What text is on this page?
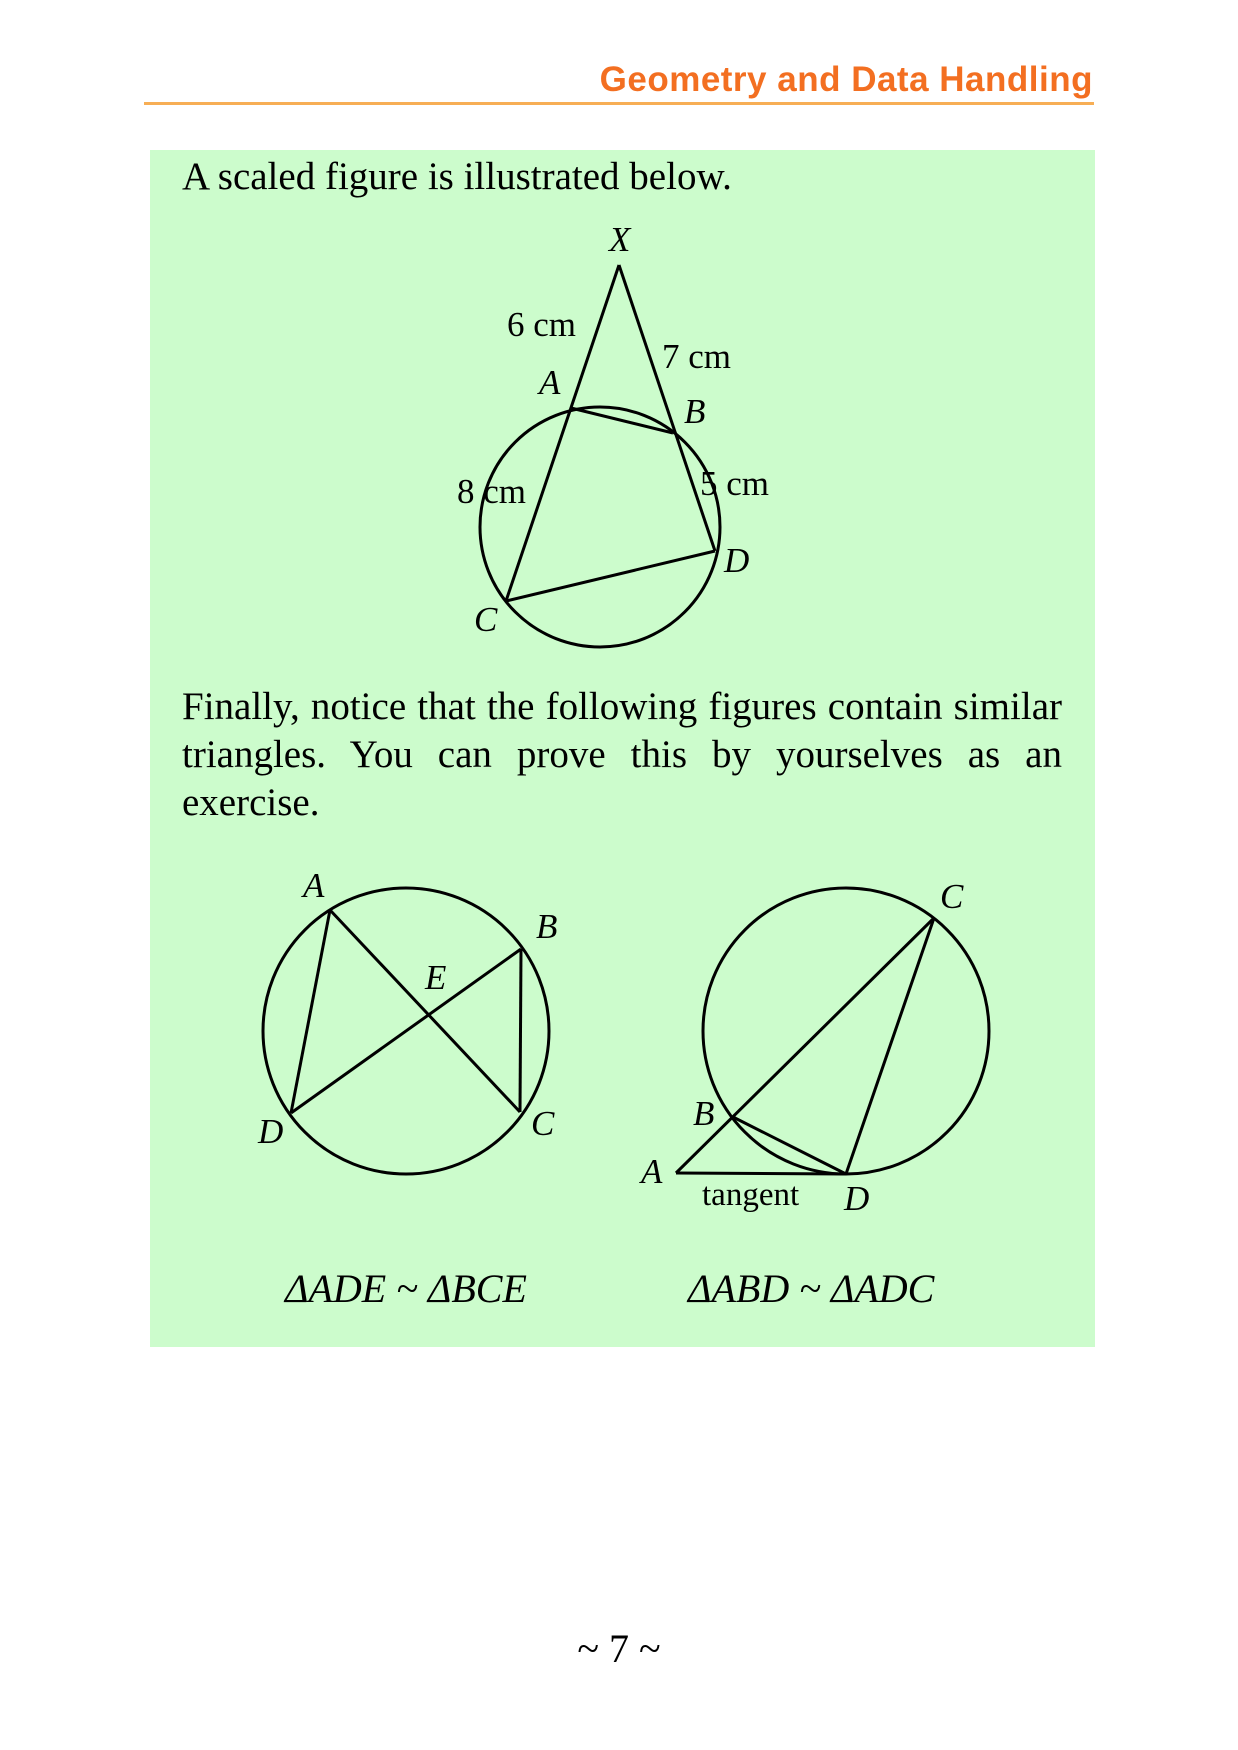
Geometry and Data Handling

A scaled figure is illustrated below.

X
A
B
C
D
6 cm
7 cm
8 cm	5 cm

Finally, notice that the following figures contain similar triangles. You can prove this by yourselves as an exercise.

A
B
E
C
D
C
B
A
D
tangent
ΔADE ~ ΔBCE	ΔABD ~ ΔADC
~ 7 ~
